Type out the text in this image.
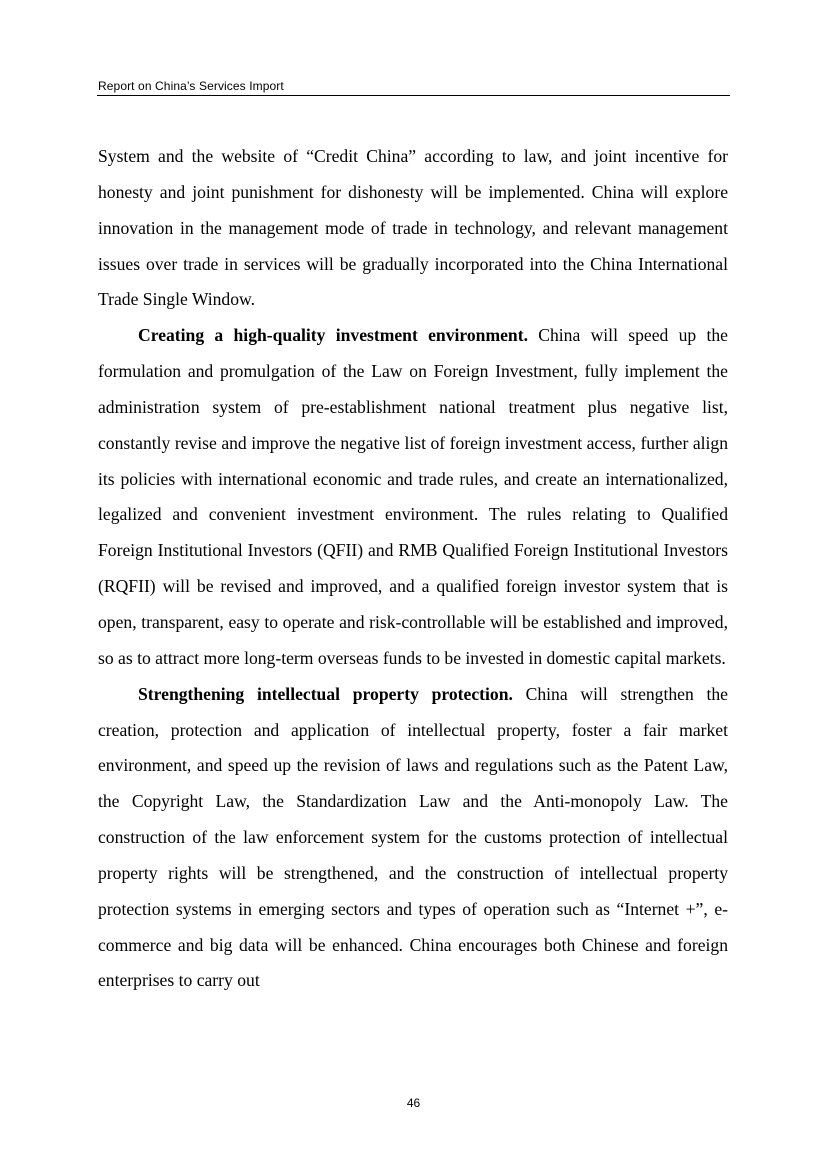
Report on China’s Services Import

System and the website of “Credit China” according to law, and joint incentive for honesty and joint punishment for dishonesty will be implemented. China will explore innovation in the management mode of trade in technology, and relevant management issues over trade in services will be gradually incorporated into the China International Trade Single Window.

Creating a high-quality investment environment. China will speed up the formulation and promulgation of the Law on Foreign Investment, fully implement the administration system of pre-establishment national treatment plus negative list, constantly revise and improve the negative list of foreign investment access, further align its policies with international economic and trade rules, and create an internationalized, legalized and convenient investment environment. The rules relating to Qualified Foreign Institutional Investors (QFII) and RMB Qualified Foreign Institutional Investors (RQFII) will be revised and improved, and a qualified foreign investor system that is open, transparent, easy to operate and risk-controllable will be established and improved, so as to attract more long-term overseas funds to be invested in domestic capital markets.

Strengthening intellectual property protection. China will strengthen the creation, protection and application of intellectual property, foster a fair market environment, and speed up the revision of laws and regulations such as the Patent Law, the Copyright Law, the Standardization Law and the Anti-monopoly Law. The construction of the law enforcement system for the customs protection of intellectual property rights will be strengthened, and the construction of intellectual property protection systems in emerging sectors and types of operation such as “Internet +”, e-commerce and big data will be enhanced. China encourages both Chinese and foreign enterprises to carry out

46
